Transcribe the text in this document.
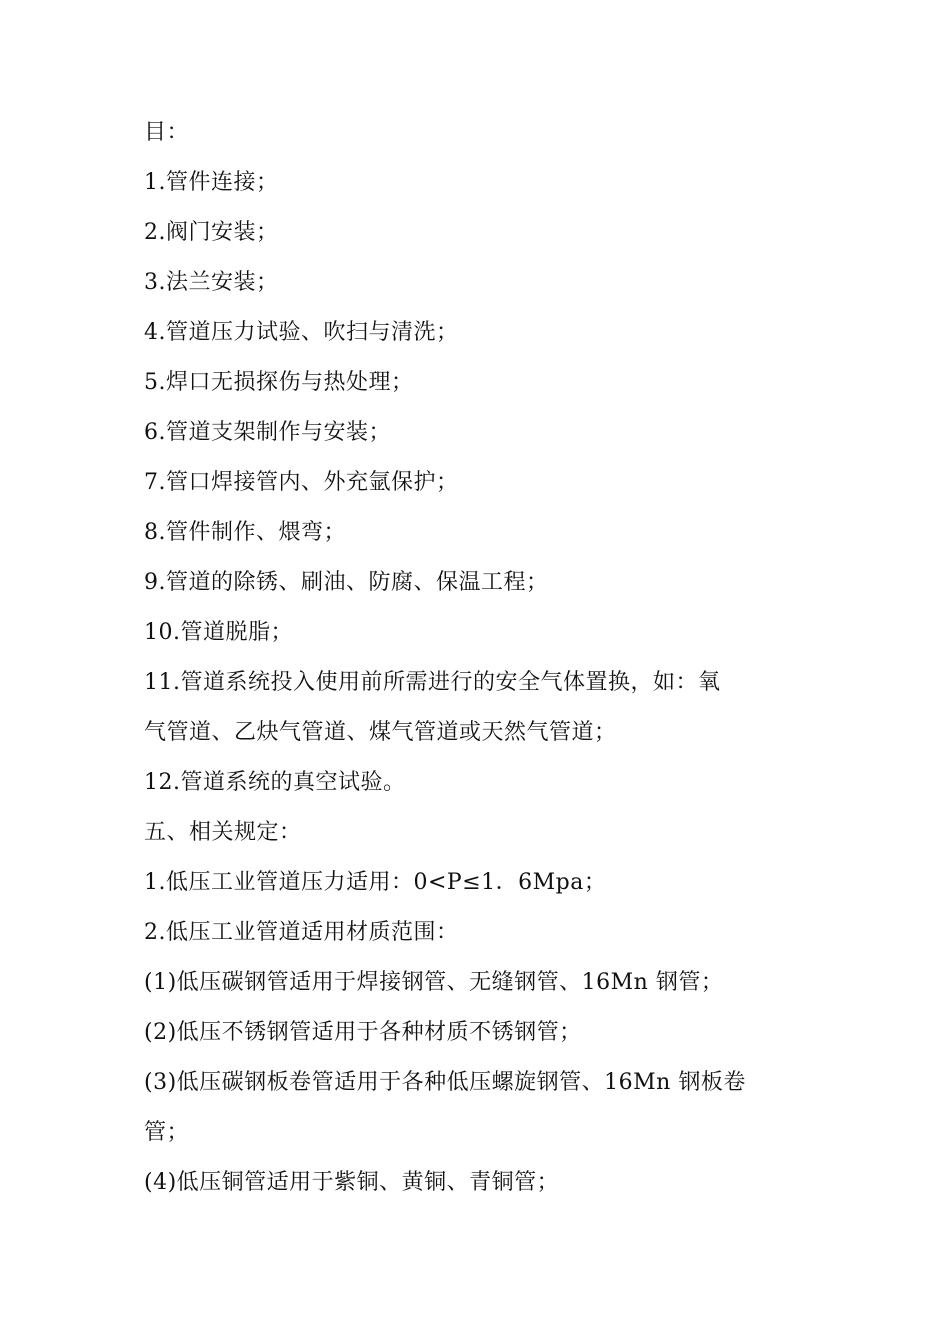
目：
1.管件连接；
2.阀门安装；
3.法兰安装；
4.管道压力试验、吹扫与清洗；
5.焊口无损探伤与热处理；
6.管道支架制作与安装；
7.管口焊接管内、外充氩保护；
8.管件制作、煨弯；
9.管道的除锈、刷油、防腐、保温工程；
10.管道脱脂；
11.管道系统投入使用前所需进行的安全气体置换，如：氧
气管道、乙炔气管道、煤气管道或天然气管道；
12.管道系统的真空试验。
五、相关规定：
1.低压工业管道压力适用：0<P≤1．6Mpa；
2.低压工业管道适用材质范围：
(1)低压碳钢管适用于焊接钢管、无缝钢管、16Mn 钢管；
(2)低压不锈钢管适用于各种材质不锈钢管；
(3)低压碳钢板卷管适用于各种低压螺旋钢管、16Mn 钢板卷
管；
(4)低压铜管适用于紫铜、黄铜、青铜管；
